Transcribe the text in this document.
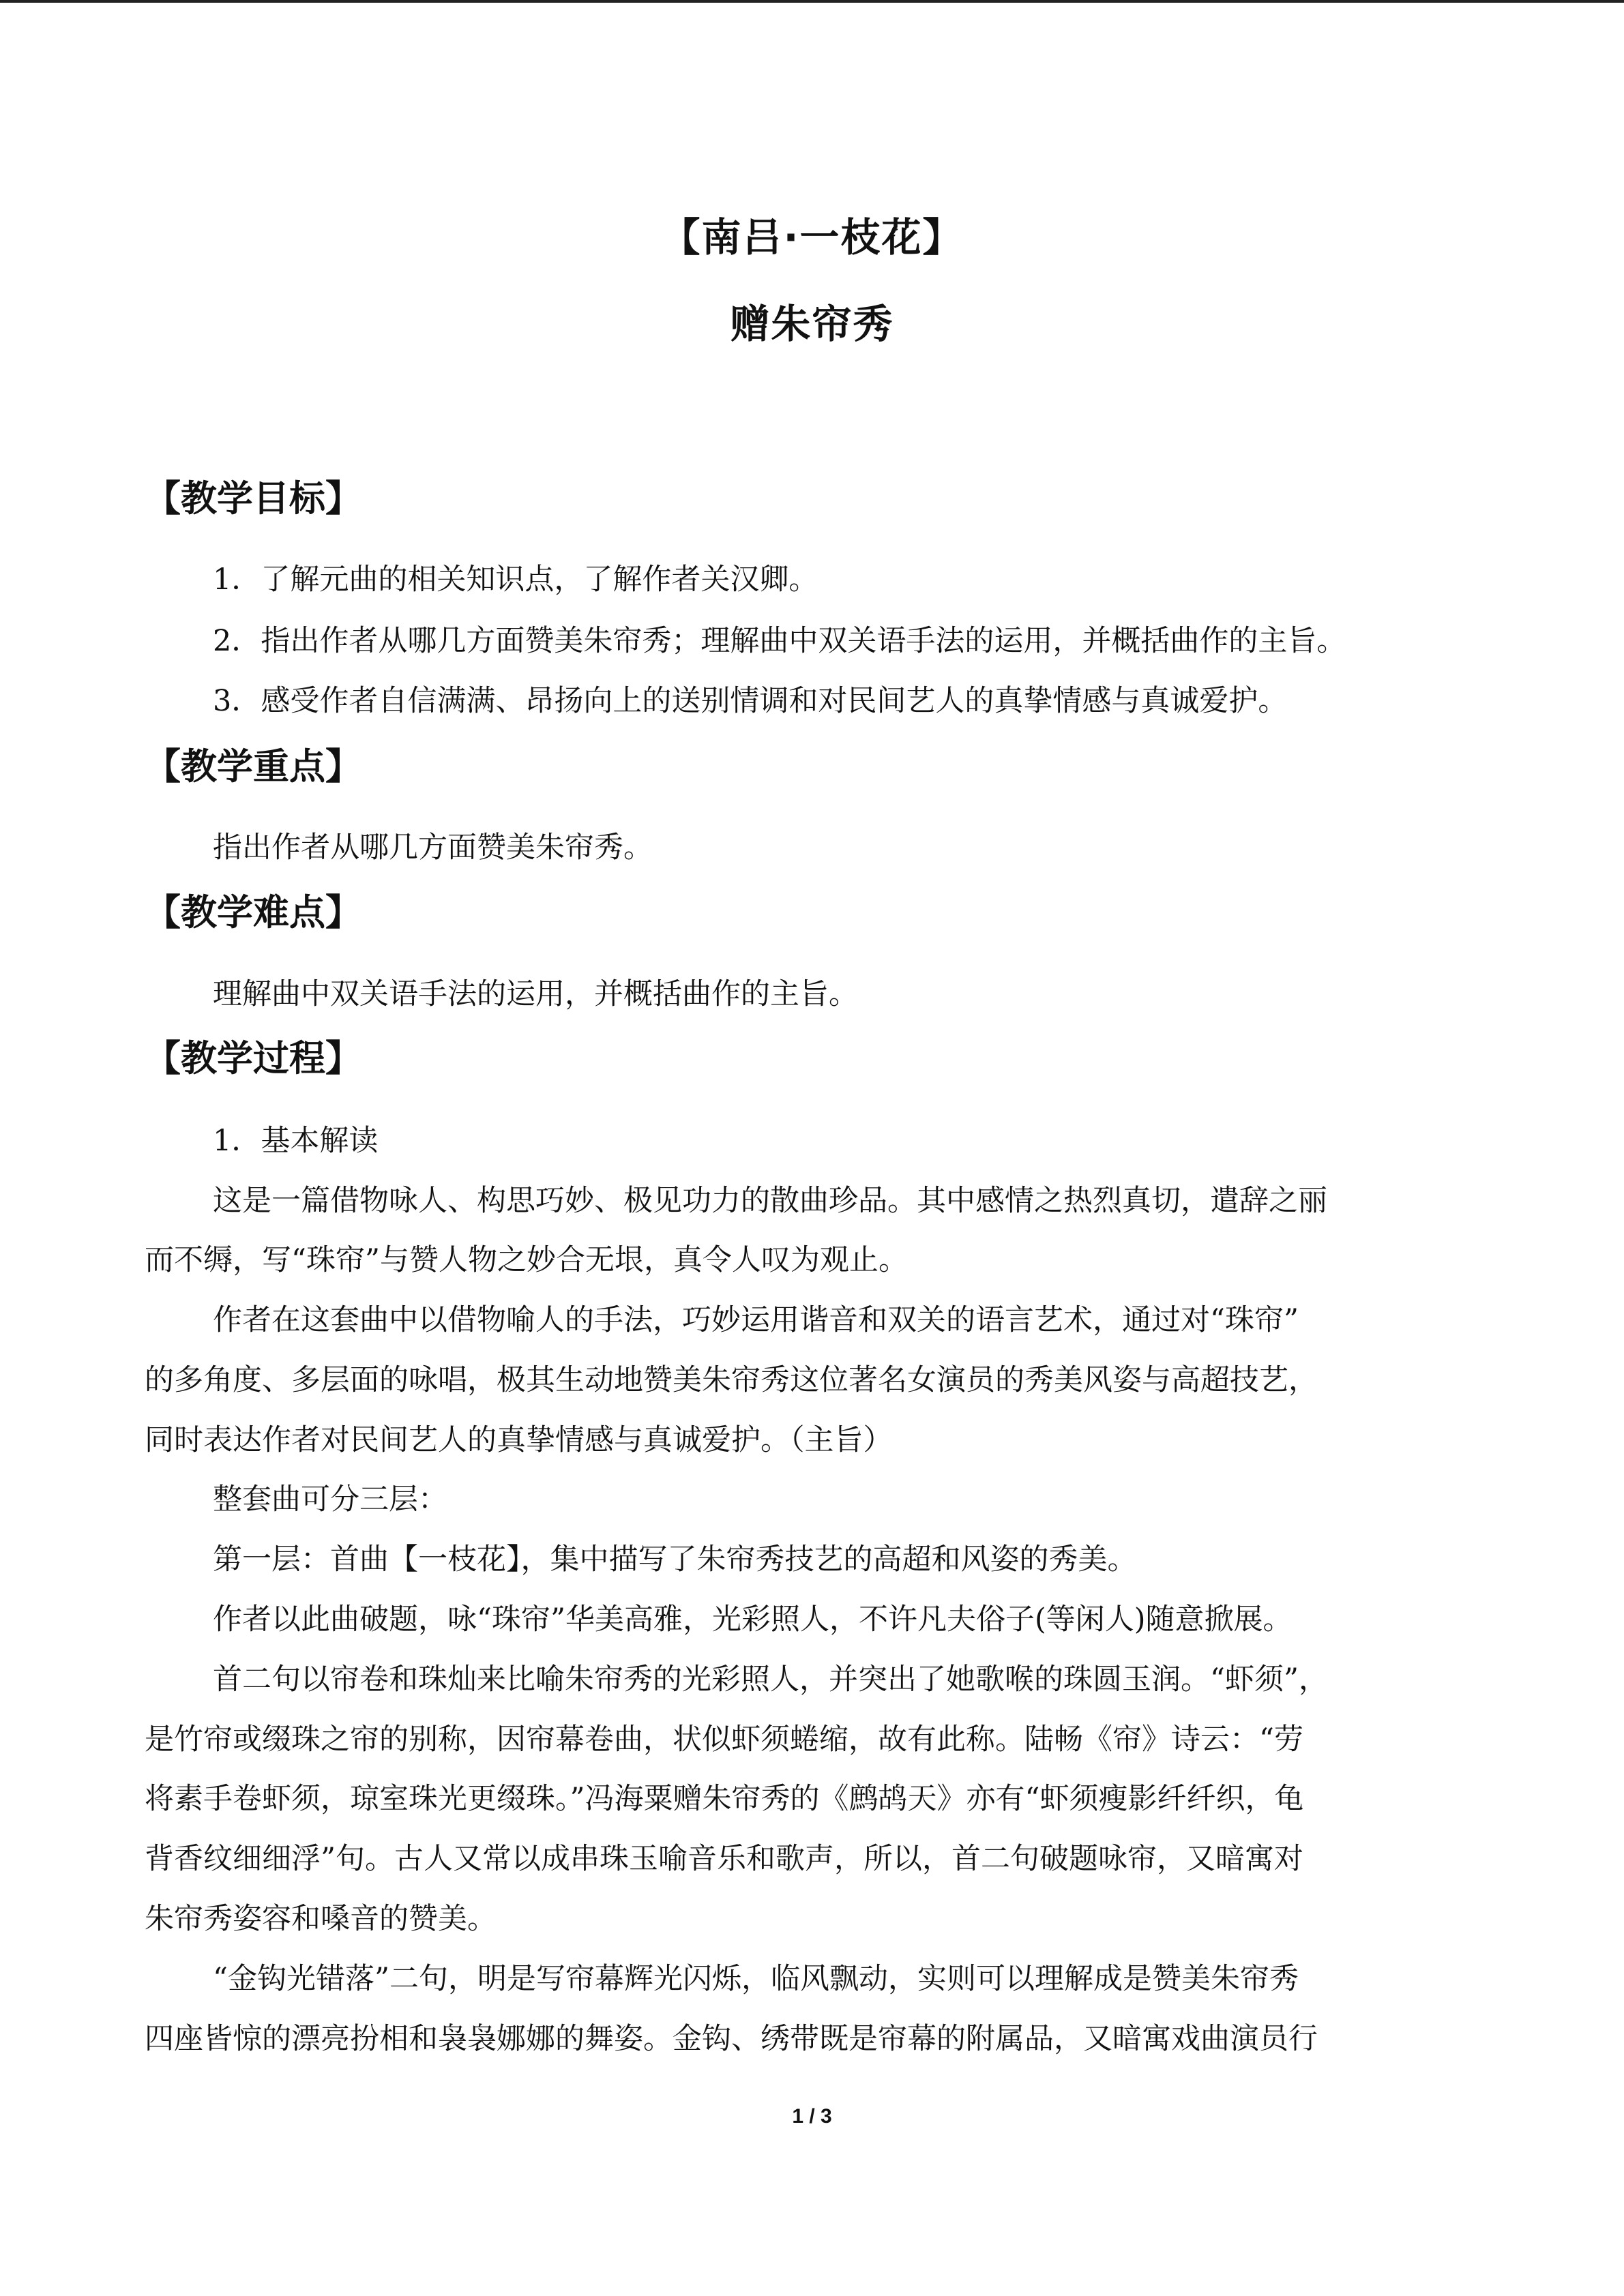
【南吕·一枝花】
赠朱帘秀
【教学目标】
1．了解元曲的相关知识点，了解作者关汉卿。
2．指出作者从哪几方面赞美朱帘秀；理解曲中双关语手法的运用，并概括曲作的主旨。
3．感受作者自信满满、昂扬向上的送别情调和对民间艺人的真挚情感与真诚爱护。
【教学重点】
指出作者从哪几方面赞美朱帘秀。
【教学难点】
理解曲中双关语手法的运用，并概括曲作的主旨。
【教学过程】
1．基本解读
这是一篇借物咏人、构思巧妙、极见功力的散曲珍品。其中感情之热烈真切，遣辞之丽
而不缛，写“珠帘”与赞人物之妙合无垠，真令人叹为观止。
作者在这套曲中以借物喻人的手法，巧妙运用谐音和双关的语言艺术，通过对“珠帘”
的多角度、多层面的咏唱，极其生动地赞美朱帘秀这位著名女演员的秀美风姿与高超技艺，
同时表达作者对民间艺人的真挚情感与真诚爱护。（主旨）
整套曲可分三层：
第一层：首曲【一枝花】，集中描写了朱帘秀技艺的高超和风姿的秀美。
作者以此曲破题，咏“珠帘”华美高雅，光彩照人，不许凡夫俗子(等闲人)随意掀展。
首二句以帘卷和珠灿来比喻朱帘秀的光彩照人，并突出了她歌喉的珠圆玉润。“虾须”，
是竹帘或缀珠之帘的别称，因帘幕卷曲，状似虾须蜷缩，故有此称。陆畅《帘》诗云：“劳
将素手卷虾须，琼室珠光更缀珠。”冯海粟赠朱帘秀的《鹧鸪天》亦有“虾须瘦影纤纤织，龟
背香纹细细浮”句。古人又常以成串珠玉喻音乐和歌声，所以，首二句破题咏帘，又暗寓对
朱帘秀姿容和嗓音的赞美。
“金钩光错落”二句，明是写帘幕辉光闪烁，临风飘动，实则可以理解成是赞美朱帘秀
四座皆惊的漂亮扮相和袅袅娜娜的舞姿。金钩、绣带既是帘幕的附属品，又暗寓戏曲演员行
1 / 3
